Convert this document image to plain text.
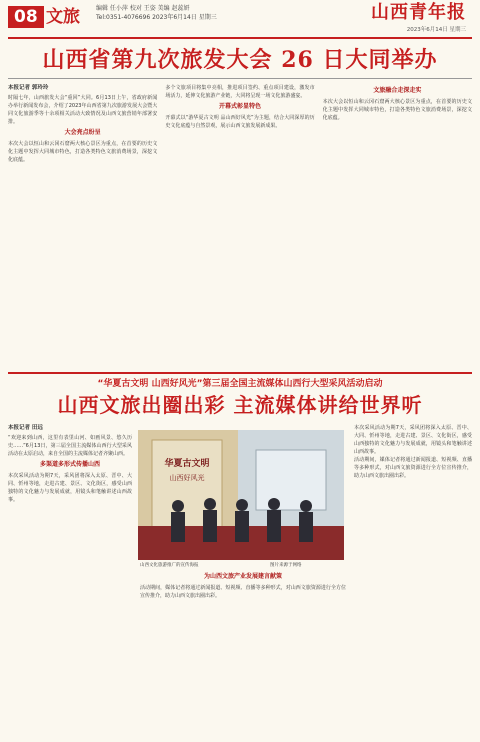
08 文旅	编辑 任小萍 校对 王姿 美编 赵蕊妍
Tel:0351-4076696 2023年6月14日 星期三	山西青年报
2023年6月14日 星期三
山西省第九次旅发大会 26 日大同举办
本报记者 郭玲玲
时隔七年，山西旅发大会“重回”大同。6月13日上午，省政府新闻办举行新闻发布会，介绍了2023年山西省第九次旅游发展大会暨大同文化旅游季等十余项相关活动大致情况及山西文旅营销年部署安排。
大会亮点纷呈
本次大会以恒山和云冈石窟两大核心景区为重点，在首要的历史文化主题中发挥大同城市特色，打造各类特色文旅消费场景，深挖文化底蕴。
多个文旅项目将集中亮相，推进项目签约、重点项目建设，激发市场活力，延伸文化旅游产业链，大同将呈现一场文化旅游盛宴。
开幕式彰显特色
开幕式以“游华夏古文明 品山西好风光”为主题，结合大同深厚的历史文化底蕴与自然景观，展示山西文旅发展新成果。
文旅融合走深走实
本次大会以恒山和云冈石窟两大核心景区为重点，在首要的历史文化主题中发挥大同城市特色，打造各类特色文旅消费场景，深挖文化底蕴。
“华夏古文明 山西好风光”第三届全国主流媒体山西行大型采风活动启动
山西文旅出圈出彩 主流媒体讲给世界听
本报记者 田远
“欢迎来到山西，这里有表里山河、如画风景、悠久历史……”6月13日，第三届全国主流媒体山西行大型采风活动在太原启动，来自全国的主流媒体记者齐聚山西。
多渠道多形式传播山西
本次采风活动为期7天，采风团将深入太原、晋中、大同、忻州等地，走进古建、景区、文化街区，感受山西独特的文化魅力与发展成就，用镜头和笔触讲述山西故事。
为山西文旅产业发展建言献策
活动期间，媒体记者将通过新闻报道、短视频、直播等多种形式，对山西文旅资源进行全方位宣传推介，助力山西文旅出圈出彩。
本次采风活动为期7天，采风团将深入太原、晋中、大同、忻州等地，走进古建、景区、文化街区，感受山西独特的文化魅力与发展成就，用镜头和笔触讲述山西故事。
活动期间，媒体记者将通过新闻报道、短视频、直播等多种形式，对山西文旅资源进行全方位宣传推介，助力山西文旅出圈出彩。
华夏古文明
山西好风光
山西文化旅游推广的宣传海报	图片来源于网络
